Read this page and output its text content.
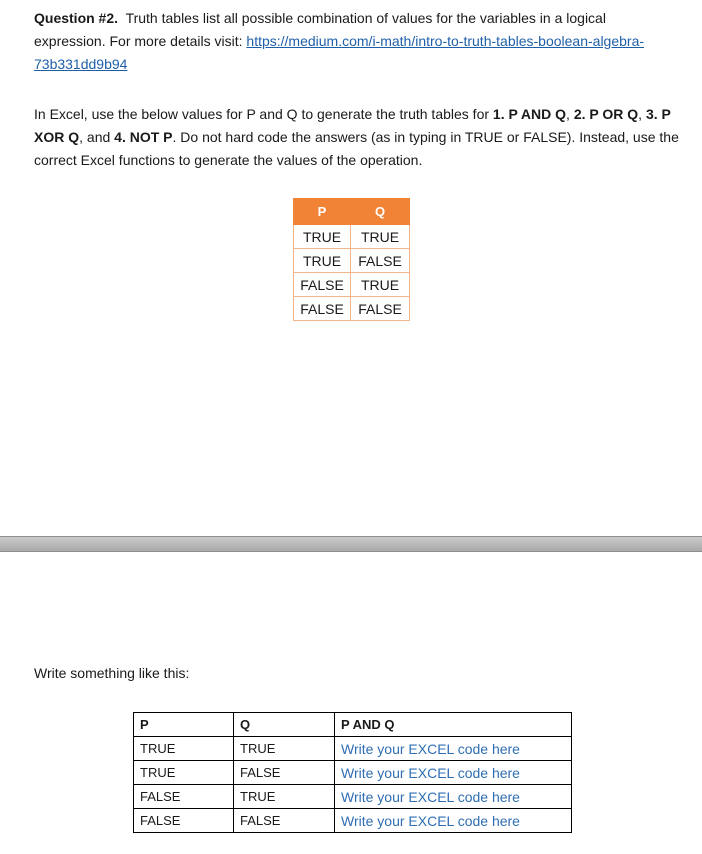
Question #2. Truth tables list all possible combination of values for the variables in a logical expression. For more details visit: https://medium.com/i-math/intro-to-truth-tables-boolean-algebra-73b331dd9b94
In Excel, use the below values for P and Q to generate the truth tables for 1. P AND Q, 2. P OR Q, 3. P XOR Q, and 4. NOT P. Do not hard code the answers (as in typing in TRUE or FALSE). Instead, use the correct Excel functions to generate the values of the operation.
P	Q
TRUE	TRUE
TRUE	FALSE
FALSE	TRUE
FALSE	FALSE
Write something like this:
P	Q	P AND Q
TRUE	TRUE	Write your EXCEL code here
TRUE	FALSE	Write your EXCEL code here
FALSE	TRUE	Write your EXCEL code here
FALSE	FALSE	Write your EXCEL code here
